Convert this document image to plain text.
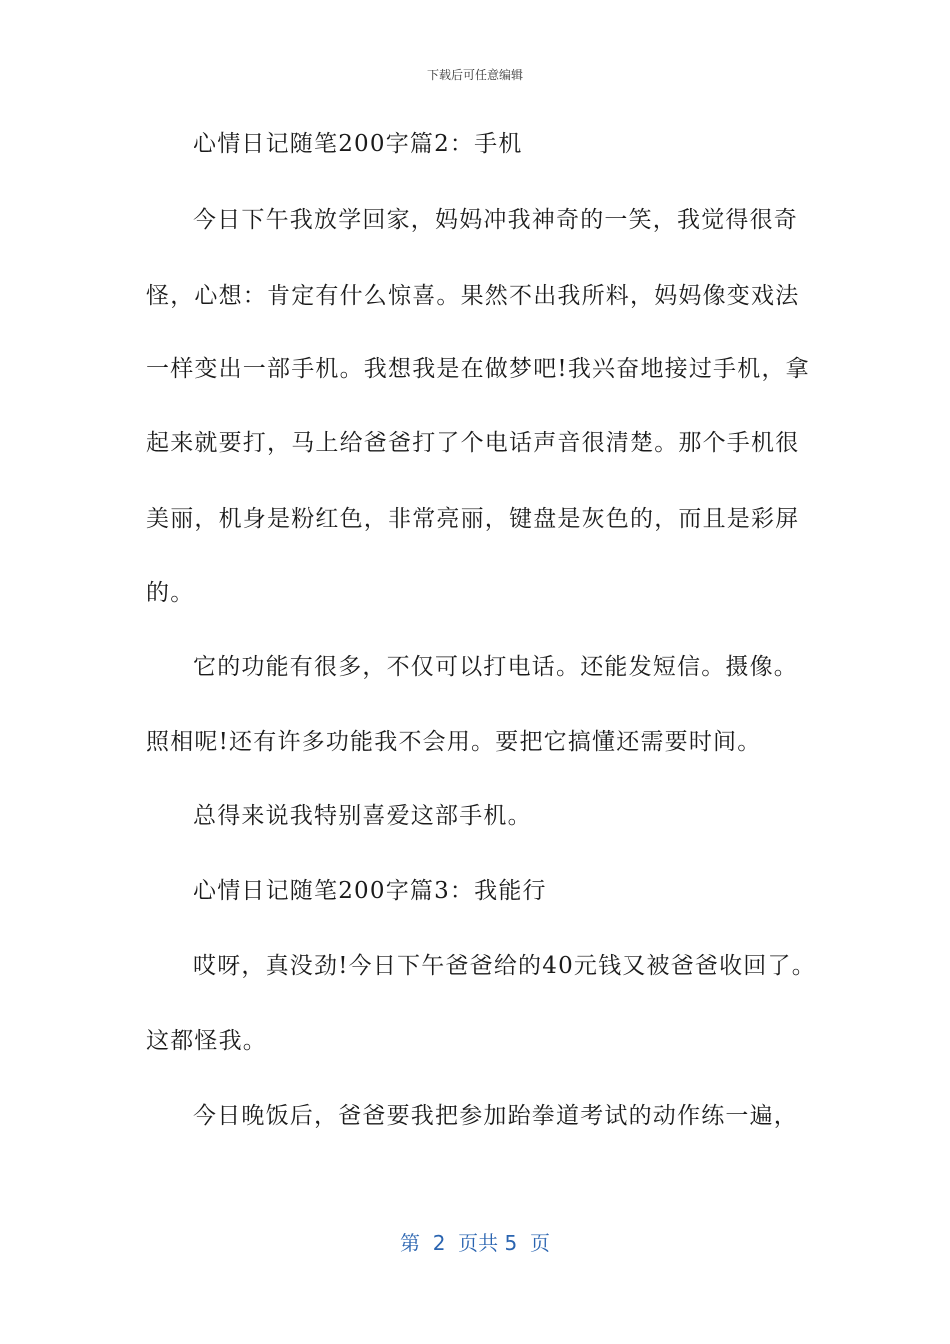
下载后可任意编辑
心情日记随笔200字篇2：手机
今日下午我放学回家，妈妈冲我神奇的一笑，我觉得很奇
怪，心想：肯定有什么惊喜。果然不出我所料，妈妈像变戏法
一样变出一部手机。我想我是在做梦吧!我兴奋地接过手机，拿
起来就要打，马上给爸爸打了个电话声音很清楚。那个手机很
美丽，机身是粉红色，非常亮丽，键盘是灰色的，而且是彩屏
的。
它的功能有很多，不仅可以打电话。还能发短信。摄像。
照相呢!还有许多功能我不会用。要把它搞懂还需要时间。
总得来说我特别喜爱这部手机。
心情日记随笔200字篇3：我能行
哎呀，真没劲!今日下午爸爸给的40元钱又被爸爸收回了。
这都怪我。
今日晚饭后，爸爸要我把参加跆拳道考试的动作练一遍，
第  2  页共 5  页
